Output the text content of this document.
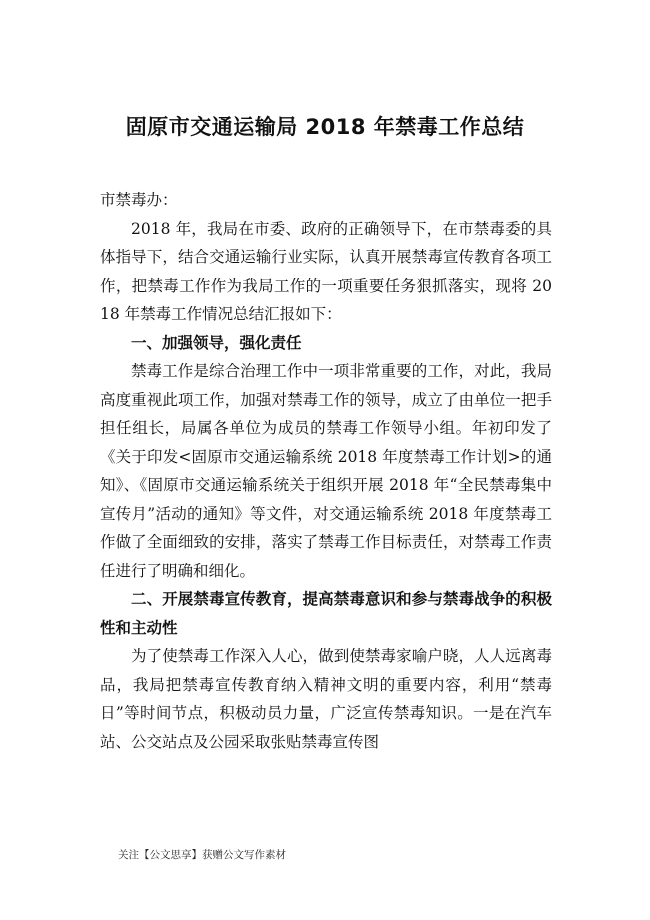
固原市交通运输局 2018 年禁毒工作总结

市禁毒办：

2018 年，我局在市委、政府的正确领导下，在市禁毒委的具体指导下，结合交通运输行业实际，认真开展禁毒宣传教育各项工作，把禁毒工作作为我局工作的一项重要任务狠抓落实，现将 2018 年禁毒工作情况总结汇报如下：

一、加强领导，强化责任

禁毒工作是综合治理工作中一项非常重要的工作，对此，我局高度重视此项工作，加强对禁毒工作的领导，成立了由单位一把手担任组长，局属各单位为成员的禁毒工作领导小组。年初印发了《关于印发<固原市交通运输系统 2018 年度禁毒工作计划>的通知》、《固原市交通运输系统关于组织开展 2018 年“全民禁毒集中宣传月”活动的通知》等文件，对交通运输系统 2018 年度禁毒工作做了全面细致的安排，落实了禁毒工作目标责任，对禁毒工作责任进行了明确和细化。

二、开展禁毒宣传教育，提高禁毒意识和参与禁毒战争的积极性和主动性

为了使禁毒工作深入人心，做到使禁毒家喻户晓，人人远离毒品，我局把禁毒宣传教育纳入精神文明的重要内容，利用“禁毒日”等时间节点，积极动员力量，广泛宣传禁毒知识。一是在汽车站、公交站点及公园采取张贴禁毒宣传图

关注【公文思享】获赠公文写作素材
